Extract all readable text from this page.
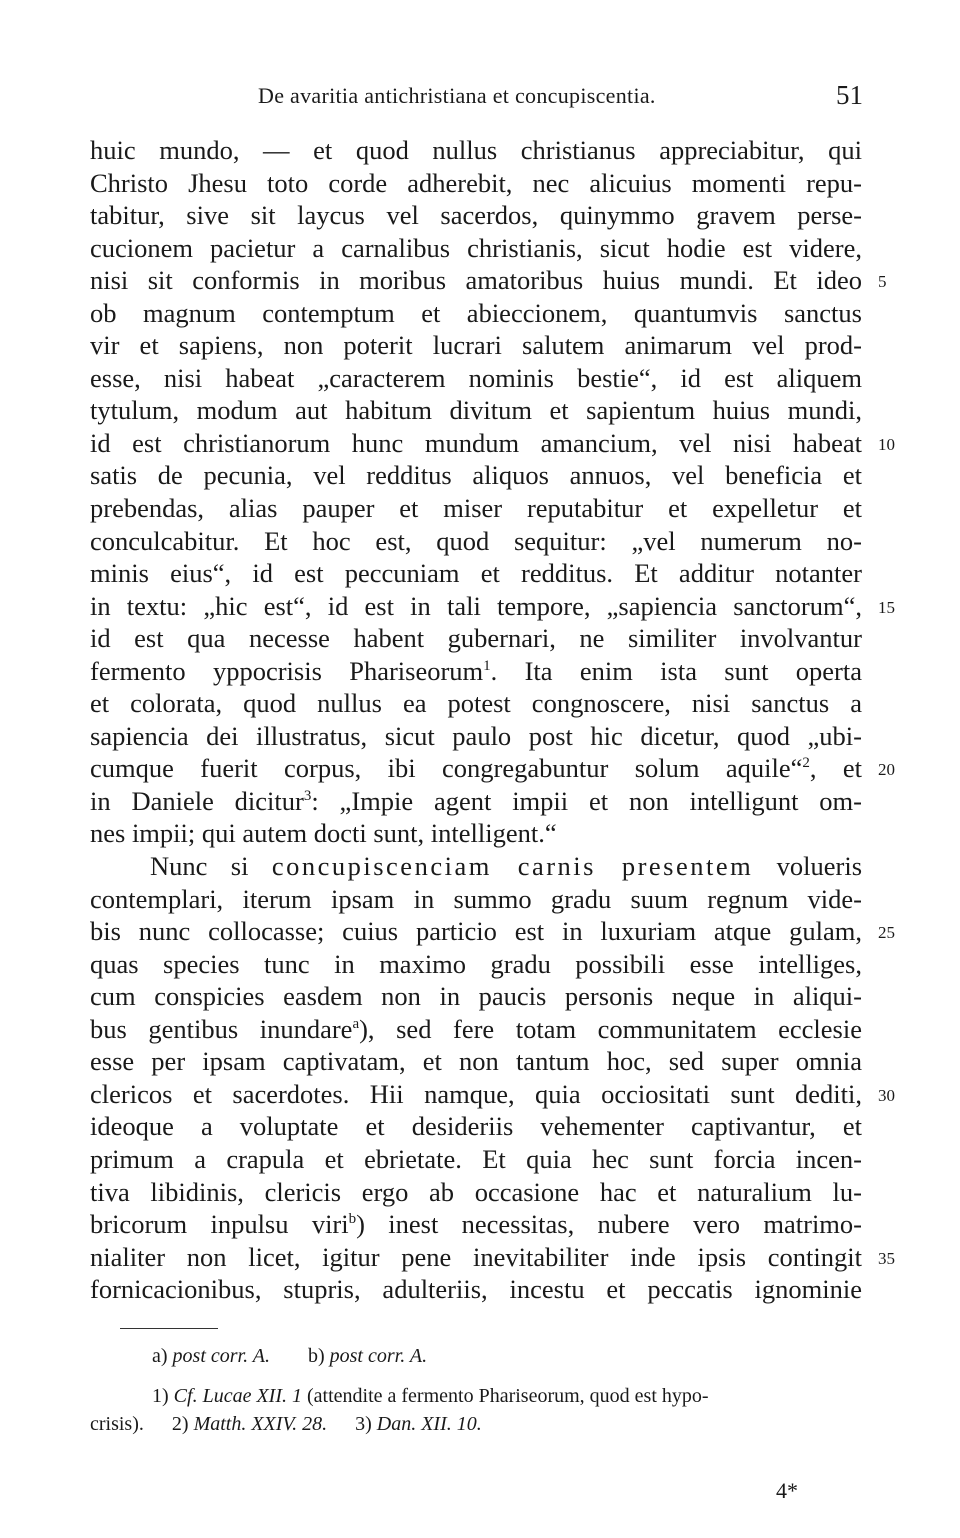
De avaritia antichristiana et concupiscentia.	51
huic mundo, — et quod nullus christianus appreciabitur, qui
Christo Jhesu toto corde adherebit, nec alicuius momenti repu-
tabitur, sive sit laycus vel sacerdos, quinymmo gravem perse-
cucionem pacietur a carnalibus christianis, sicut hodie est videre,
nisi sit conformis in moribus amatoribus huius mundi. Et ideo 5
ob magnum contemptum et abieccionem, quantumvis sanctus
vir et sapiens, non poterit lucrari salutem animarum vel prod-
esse, nisi habeat „caracterem nominis bestie“, id est aliquem
tytulum, modum aut habitum divitum et sapientum huius mundi,
id est christianorum hunc mundum amancium, vel nisi habeat 10
satis de pecunia, vel redditus aliquos annuos, vel beneficia et
prebendas, alias pauper et miser reputabitur et expelletur et
conculcabitur. Et hoc est, quod sequitur: „vel numerum no-
minis eius“, id est peccuniam et redditus. Et additur notanter
in textu: „hic est“, id est in tali tempore, „sapiencia sanctorum“, 15
id est qua necesse habent gubernari, ne similiter involvantur
fermento yppocrisis Phariseorum$^1$. Ita enim ista sunt operta
et colorata, quod nullus ea potest congnoscere, nisi sanctus a
sapiencia dei illustratus, sicut paulo post hic dicetur, quod „ubi-
cumque fuerit corpus, ibi congregabuntur solum aquile“$^2$, et 20
in Daniele dicitur$^3$: „Impie agent impii et non intelligunt om-
nes impii; qui autem docti sunt, intelligent.“
Nunc si concupiscenciam carnis presentem volueris
contemplari, iterum ipsam in summo gradu suum regnum vide-
bis nunc collocasse; cuius particio est in luxuriam atque gulam, 25
quas species tunc in maximo gradu possibili esse intelliges,
cum conspicies easdem non in paucis personis neque in aliqui-
bus gentibus inundare$^a$), sed fere totam communitatem ecclesie
esse per ipsam captivatam, et non tantum hoc, sed super omnia
clericos et sacerdotes. Hii namque, quia occiositati sunt dediti, 30
ideoque a voluptate et desideriis vehementer captivantur, et
primum a crapula et ebrietate. Et quia hec sunt forcia incen-
tiva libidinis, clericis ergo ab occasione hac et naturalium lu-
bricorum inpulsu viri$^b$) inest necessitas, nubere vero matrimo-
nialiter non licet, igitur pene inevitabiliter inde ipsis contingit 35
fornicacionibus, stupris, adulteriis, incestu et peccatis ignominie
a) post corr. A. b) post corr. A.
1) Cf. Lucae XII. 1 (attendite a fermento Phariseorum, quod est hypo-
crisis). 2) Matth. XXIV. 28. 3) Dan. XII. 10.
4*
